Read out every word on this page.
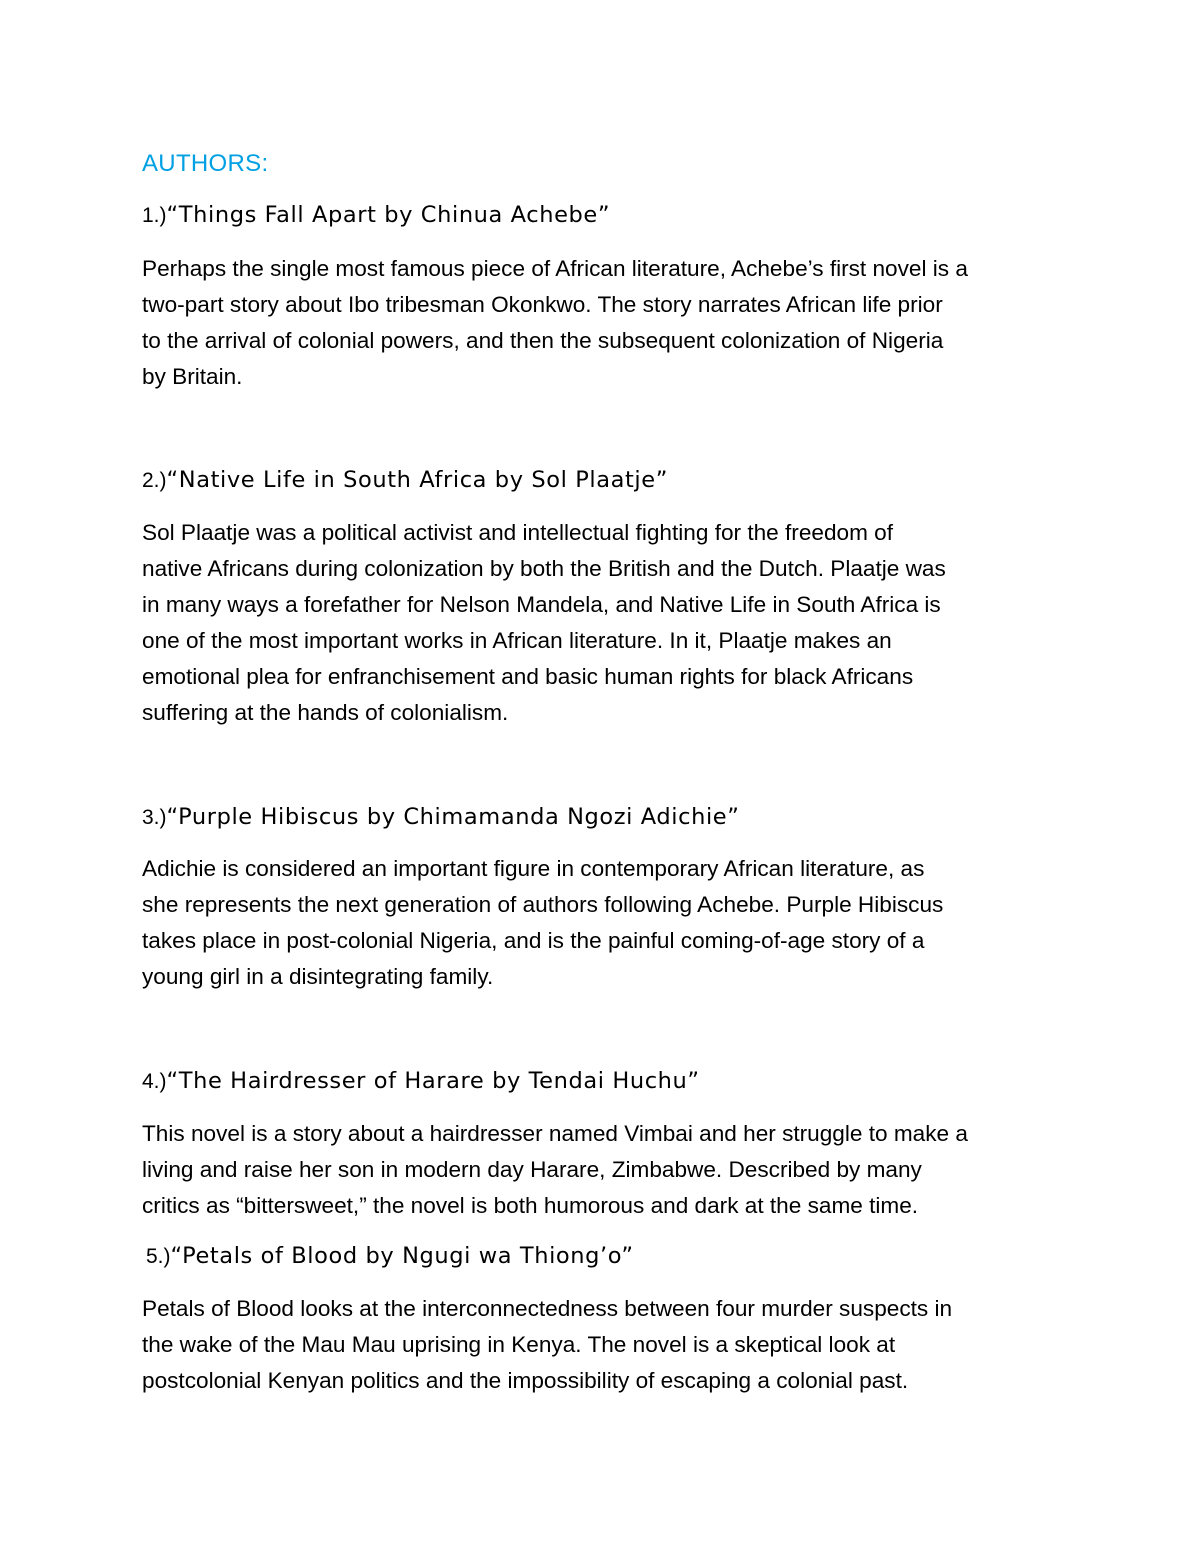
AUTHORS:
1.)“Things Fall Apart by Chinua Achebe”

Perhaps the single most famous piece of African literature, Achebe’s first novel is a
two-part story about Ibo tribesman Okonkwo. The story narrates African life prior
to the arrival of colonial powers, and then the subsequent colonization of Nigeria
by Britain.

2.)“Native Life in South Africa by Sol Plaatje”

Sol Plaatje was a political activist and intellectual fighting for the freedom of
native Africans during colonization by both the British and the Dutch. Plaatje was
in many ways a forefather for Nelson Mandela, and Native Life in South Africa is
one of the most important works in African literature. In it, Plaatje makes an
emotional plea for enfranchisement and basic human rights for black Africans
suffering at the hands of colonialism.

3.)“Purple Hibiscus by Chimamanda Ngozi Adichie”

Adichie is considered an important figure in contemporary African literature, as
she represents the next generation of authors following Achebe. Purple Hibiscus
takes place in post-colonial Nigeria, and is the painful coming-of-age story of a
young girl in a disintegrating family.

4.)“The Hairdresser of Harare by Tendai Huchu”

This novel is a story about a hairdresser named Vimbai and her struggle to make a
living and raise her son in modern day Harare, Zimbabwe. Described by many
critics as “bittersweet,” the novel is both humorous and dark at the same time.

5.)“Petals of Blood by Ngugi wa Thiong’o”

Petals of Blood looks at the interconnectedness between four murder suspects in
the wake of the Mau Mau uprising in Kenya. The novel is a skeptical look at
postcolonial Kenyan politics and the impossibility of escaping a colonial past.
